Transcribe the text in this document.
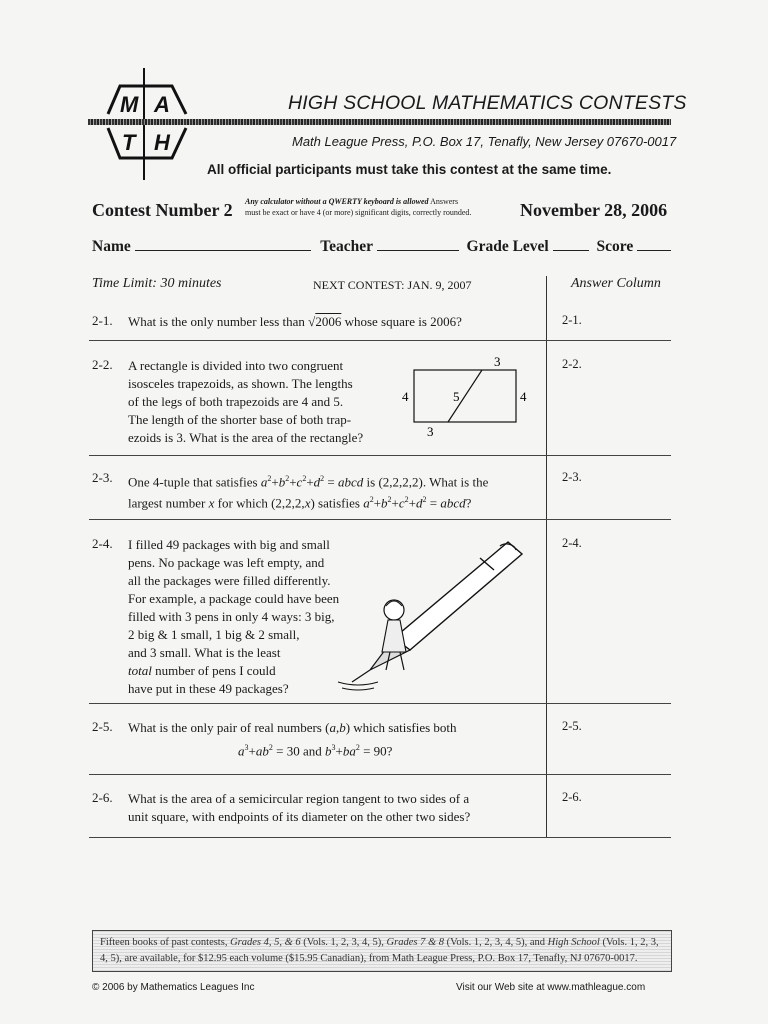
M A
T H
HIGH SCHOOL MATHEMATICS CONTESTS
Math League Press, P.O. Box 17, Tenafly, New Jersey 07670-0017
All official participants must take this contest at the same time.
Contest Number 2 Any calculator without a QWERTY keyboard is allowed Answers
must be exact or have 4 (or more) significant digits, correctly rounded.	November 28, 2006
Name	Teacher	Grade Level	Score
Time Limit: 30 minutes	NEXT CONTEST: JAN. 9, 2007	Answer Column
2-1. What is the only number less than √2006 whose square is 2006?	2-1.
2-2. A rectangle is divided into two congruent
isosceles trapezoids, as shown. The lengths
of the legs of both trapezoids are 4 and 5.
The length of the shorter base of both trap-
ezoids is 3. What is the area of the rectangle?
3
4	5	4
3
2-2.
2-3. One 4-tuple that satisfies $a^2+b^2+c^2+d^2$ = abcd is (2,2,2,2). What is the
largest number x for which (2,2,2,x) satisfies $a^2+b^2+c^2+d^2$ = abcd?
2-3.
2-4. I filled 49 packages with big and small
pens. No package was left empty, and
all the packages were filled differently.
For example, a package could have been
filled with 3 pens in only 4 ways: 3 big,
2 big & 1 small, 1 big & 2 small,
and 3 small. What is the least
total number of pens I could
have put in these 49 packages?
2-4.
2-5. What is the only pair of real numbers (a,b) which satisfies both
$a^3+ab^2 = 30$ and $b^3+ba^2 = 90$?
2-5.
2-6. What is the area of a semicircular region tangent to two sides of a
unit square, with endpoints of its diameter on the other two sides?
2-6.
Fifteen books of past contests, Grades 4, 5, & 6 (Vols. 1, 2, 3, 4, 5), Grades 7 & 8 (Vols. 1, 2, 3, 4, 5), and High School (Vols. 1, 2, 3,
4, 5), are available, for $12.95 each volume ($15.95 Canadian), from Math League Press, P.O. Box 17, Tenafly, NJ 07670-0017.
© 2006 by Mathematics Leagues Inc	Visit our Web site at www.mathleague.com
